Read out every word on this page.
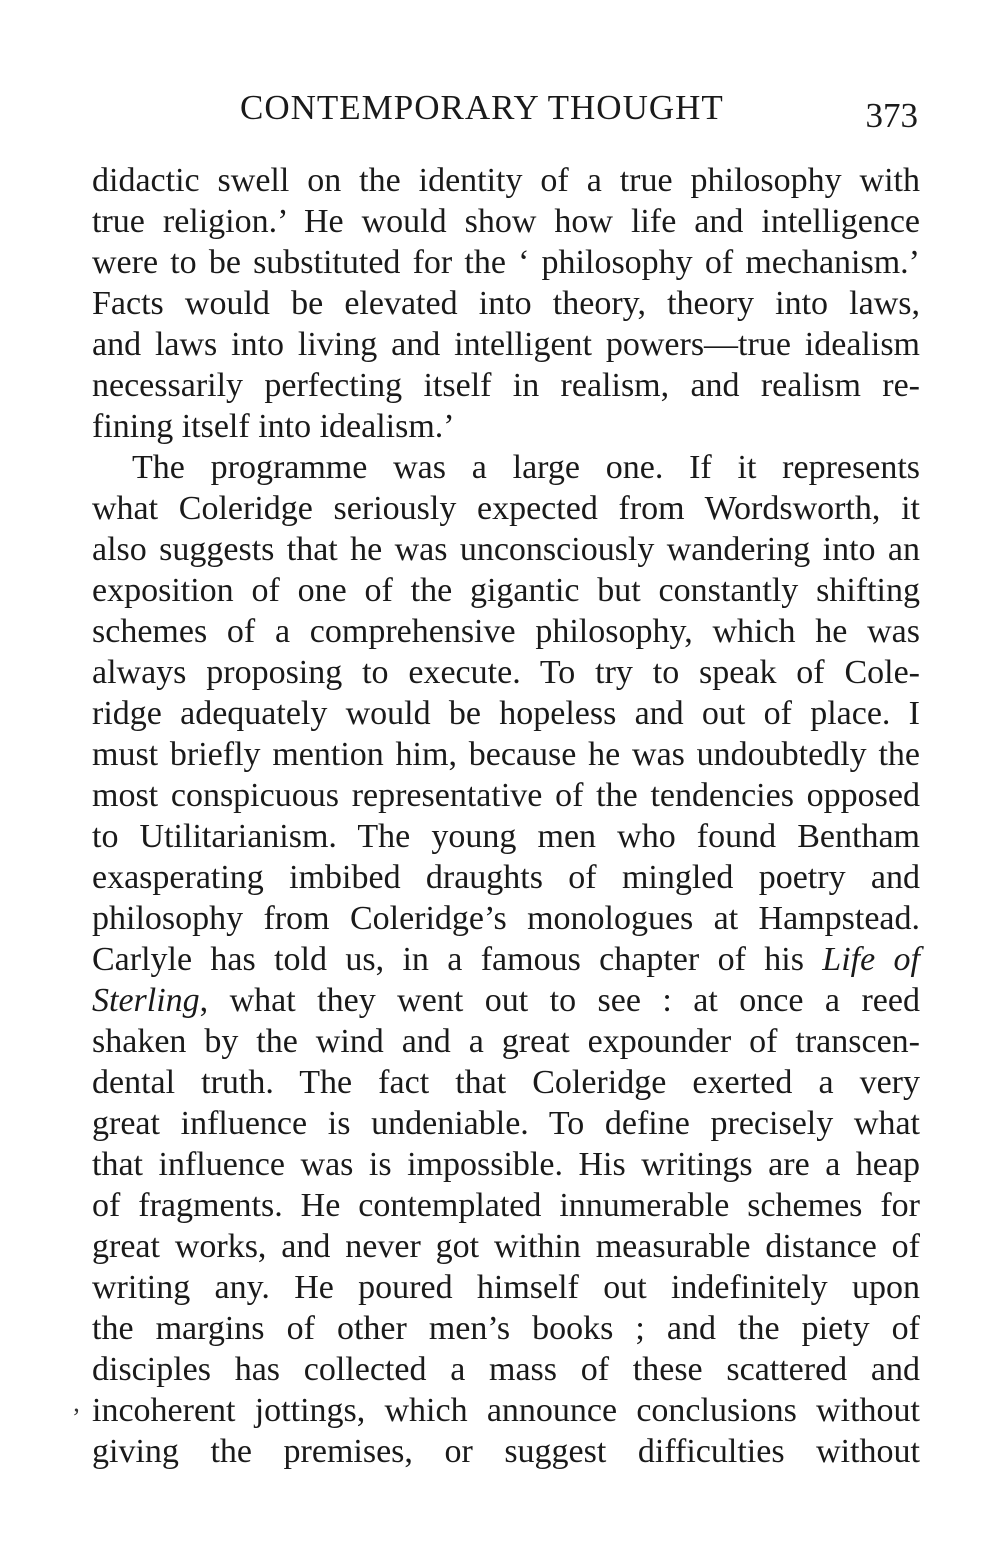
CONTEMPORARY THOUGHT	373
didactic swell on the identity of a true philosophy with
true religion.’ He would show how life and intelligence
were to be substituted for the ‘ philosophy of mechanism.’
Facts would be elevated into theory, theory into laws,
and laws into living and intelligent powers—true idealism
necessarily perfecting itself in realism, and realism re-
fining itself into idealism.’
The programme was a large one. If it represents
what Coleridge seriously expected from Wordsworth, it
also suggests that he was unconsciously wandering into an
exposition of one of the gigantic but constantly shifting
schemes of a comprehensive philosophy, which he was
always proposing to execute. To try to speak of Cole-
ridge adequately would be hopeless and out of place. I
must briefly mention him, because he was undoubtedly the
most conspicuous representative of the tendencies opposed
to Utilitarianism. The young men who found Bentham
exasperating imbibed draughts of mingled poetry and
philosophy from Coleridge’s monologues at Hampstead.
Carlyle has told us, in a famous chapter of his Life of
Sterling, what they went out to see : at once a reed
shaken by the wind and a great expounder of transcen-
dental truth. The fact that Coleridge exerted a very
great influence is undeniable. To define precisely what
that influence was is impossible. His writings are a heap
of fragments. He contemplated innumerable schemes for
great works, and never got within measurable distance of
writing any. He poured himself out indefinitely upon
the margins of other men’s books ; and the piety of
disciples has collected a mass of these scattered and
incoherent jottings, which announce conclusions without
giving the premises, or suggest difficulties without
‚
